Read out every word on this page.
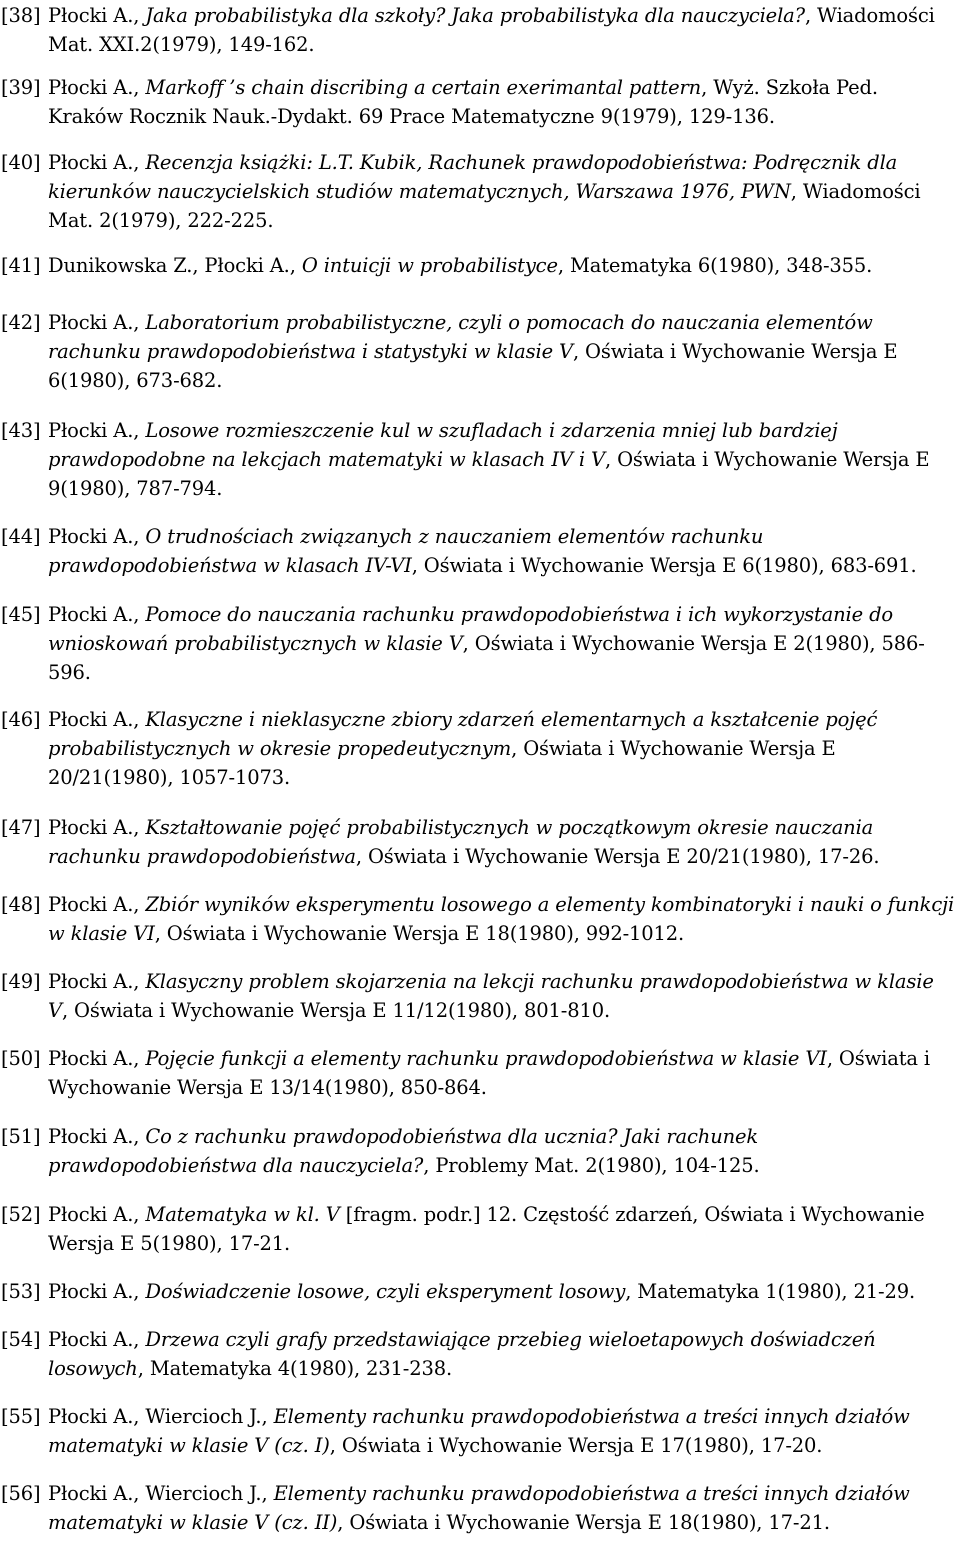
[38] Płocki A., Jaka probabilistyka dla szkoły? Jaka probabilistyka dla nauczyciela?, Wiadomości Mat. XXI.2(1979), 149-162.
[39] Płocki A., Markoff ’s chain discribing a certain exerimantal pattern, Wyż. Szkoła Ped. Kraków Rocznik Nauk.-Dydakt. 69 Prace Matematyczne 9(1979), 129-136.
[40] Płocki A., Recenzja książki: L.T. Kubik, Rachunek prawdopodobieństwa: Podręcznik dla kierunków nauczycielskich studiów matematycznych, Warszawa 1976, PWN, Wiadomości Mat. 2(1979), 222-225.
[41] Dunikowska Z., Płocki A., O intuicji w probabilistyce, Matematyka 6(1980), 348-355.
[42] Płocki A., Laboratorium probabilistyczne, czyli o pomocach do nauczania elementów rachunku prawdopodobieństwa i statystyki w klasie V, Oświata i Wychowanie Wersja E 6(1980), 673-682.
[43] Płocki A., Losowe rozmieszczenie kul w szufladach i zdarzenia mniej lub bardziej prawdopodobne na lekcjach matematyki w klasach IV i V, Oświata i Wychowanie Wersja E 9(1980), 787-794.
[44] Płocki A., O trudnościach związanych z nauczaniem elementów rachunku prawdopodobieństwa w klasach IV-VI, Oświata i Wychowanie Wersja E 6(1980), 683-691.
[45] Płocki A., Pomoce do nauczania rachunku prawdopodobieństwa i ich wykorzystanie do wnioskowań probabilistycznych w klasie V, Oświata i Wychowanie Wersja E 2(1980), 586-596.
[46] Płocki A., Klasyczne i nieklasyczne zbiory zdarzeń elementarnych a kształcenie pojęć probabilistycznych w okresie propedeutycznym, Oświata i Wychowanie Wersja E 20/21(1980), 1057-1073.
[47] Płocki A., Kształtowanie pojęć probabilistycznych w początkowym okresie nauczania rachunku prawdopodobieństwa, Oświata i Wychowanie Wersja E 20/21(1980), 17-26.
[48] Płocki A., Zbiór wyników eksperymentu losowego a elementy kombinatoryki i nauki o funkcji w klasie VI, Oświata i Wychowanie Wersja E 18(1980), 992-1012.
[49] Płocki A., Klasyczny problem skojarzenia na lekcji rachunku prawdopodobieństwa w klasie V, Oświata i Wychowanie Wersja E 11/12(1980), 801-810.
[50] Płocki A., Pojęcie funkcji a elementy rachunku prawdopodobieństwa w klasie VI, Oświata i Wychowanie Wersja E 13/14(1980), 850-864.
[51] Płocki A., Co z rachunku prawdopodobieństwa dla ucznia? Jaki rachunek prawdopodobieństwa dla nauczyciela?, Problemy Mat. 2(1980), 104-125.
[52] Płocki A., Matematyka w kl. V [fragm. podr.] 12. Częstość zdarzeń, Oświata i Wychowanie Wersja E 5(1980), 17-21.
[53] Płocki A., Doświadczenie losowe, czyli eksperyment losowy, Matematyka 1(1980), 21-29.
[54] Płocki A., Drzewa czyli grafy przedstawiające przebieg wieloetapowych doświadczeń losowych, Matematyka 4(1980), 231-238.
[55] Płocki A., Wiercioch J., Elementy rachunku prawdopodobieństwa a treści innych działów matematyki w klasie V (cz. I), Oświata i Wychowanie Wersja E 17(1980), 17-20.
[56] Płocki A., Wiercioch J., Elementy rachunku prawdopodobieństwa a treści innych działów matematyki w klasie V (cz. II), Oświata i Wychowanie Wersja E 18(1980), 17-21.
